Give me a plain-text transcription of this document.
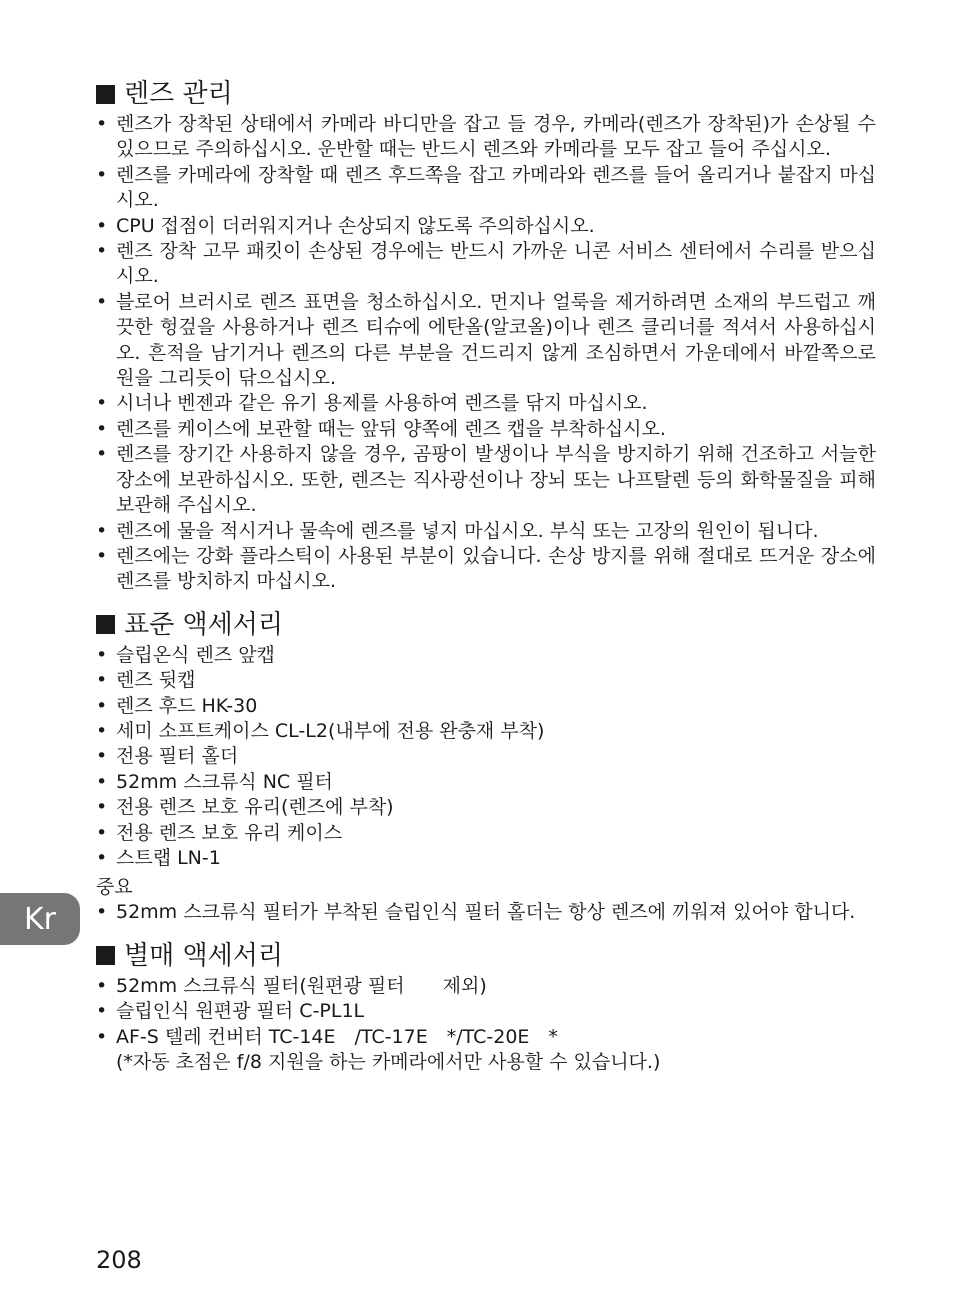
렌즈 관리
• 렌즈가 장착된 상태에서 카메라 바디만을 잡고 들 경우, 카메라(렌즈가 장착된)가 손상될 수 있으므로 주의하십시오. 운반할 때는 반드시 렌즈와 카메라를 모두 잡고 들어 주십시오.
• 렌즈를 카메라에 장착할 때 렌즈 후드쪽을 잡고 카메라와 렌즈를 들어 올리거나 붙잡지 마십시오.
• CPU 접점이 더러워지거나 손상되지 않도록 주의하십시오.
• 렌즈 장착 고무 패킷이 손상된 경우에는 반드시 가까운 니콘 서비스 센터에서 수리를 받으십시오.
• 블로어 브러시로 렌즈 표면을 청소하십시오. 먼지나 얼룩을 제거하려면 소재의 부드럽고 깨끗한 헝겊을 사용하거나 렌즈 티슈에 에탄올(알코올)이나 렌즈 클리너를 적셔서 사용하십시오. 흔적을 남기거나 렌즈의 다른 부분을 건드리지 않게 조심하면서 가운데에서 바깥쪽으로 원을 그리듯이 닦으십시오.
• 시너나 벤젠과 같은 유기 용제를 사용하여 렌즈를 닦지 마십시오.
• 렌즈를 케이스에 보관할 때는 앞뒤 양쪽에 렌즈 캡을 부착하십시오.
• 렌즈를 장기간 사용하지 않을 경우, 곰팡이 발생이나 부식을 방지하기 위해 건조하고 서늘한 장소에 보관하십시오. 또한, 렌즈는 직사광선이나 장뇌 또는 나프탈렌 등의 화학물질을 피해 보관해 주십시오.
• 렌즈에 물을 적시거나 물속에 렌즈를 넣지 마십시오. 부식 또는 고장의 원인이 됩니다.
• 렌즈에는 강화 플라스틱이 사용된 부분이 있습니다. 손상 방지를 위해 절대로 뜨거운 장소에 렌즈를 방치하지 마십시오.
표준 액세서리
• 슬립온식 렌즈 앞캡
• 렌즈 뒷캡
• 렌즈 후드 HK-30
• 세미 소프트케이스 CL-L2(내부에 전용 완충재 부착)
• 전용 필터 홀더
• 52mm 스크류식 NC 필터
• 전용 렌즈 보호 유리(렌즈에 부착)
• 전용 렌즈 보호 유리 케이스
• 스트랩 LN-1
중요
• 52mm 스크류식 필터가 부착된 슬립인식 필터 홀더는 항상 렌즈에 끼워져 있어야 합니다.
별매 액세서리
• 52mm 스크류식 필터(원편광 필터　　제외)
• 슬립인식 원편광 필터 C-PL1L
• AF-S 텔레 컨버터 TC-14E　/TC-17E　*/TC-20E　*
(*자동 초점은 f/8 지원을 하는 카메라에서만 사용할 수 있습니다.)
Kr
208
